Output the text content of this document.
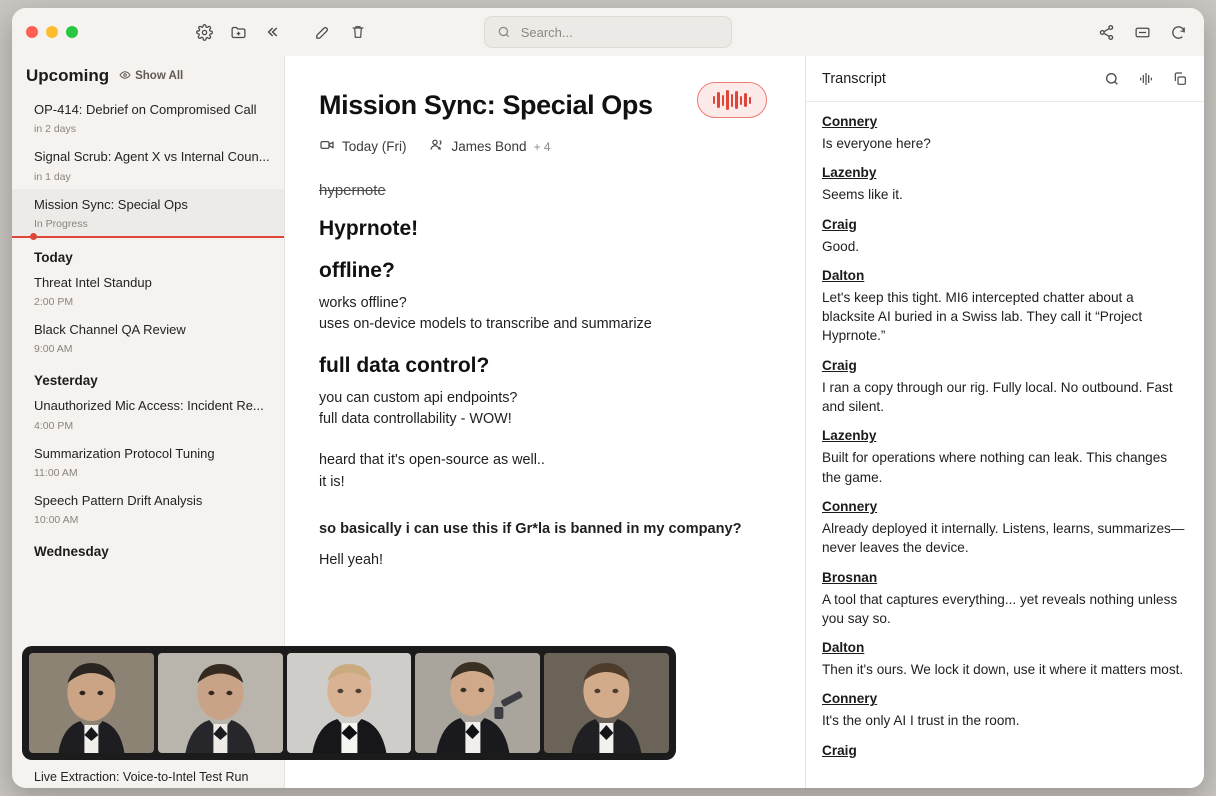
Search...
Upcoming Show All
OP-414: Debrief on Compromised Call
in 2 days
Signal Scrub: Agent X vs Internal Coun...
in 1 day
Mission Sync: Special Ops
In Progress
Today
Threat Intel Standup
2:00 PM
Black Channel QA Review
9:00 AM
Yesterday
Unauthorized Mic Access: Incident Re...
4:00 PM
Summarization Protocol Tuning
11:00 AM
Speech Pattern Drift Analysis
10:00 AM
Wednesday
Live Extraction: Voice-to-Intel Test Run
Mission Sync: Special Ops
Today (Fri)	James Bond + 4
hypernote
Hyprnote!
offline?

works offline?

uses on-device models to transcribe and summarize

full data control?

you can custom api endpoints?

full data controllability - WOW!

heard that it's open-source as well..

it is!

so basically i can use this if Gr*la is banned in my company?

Hell yeah!

Transcript
Connery
Is everyone here?
Lazenby
Seems like it.
Craig
Good.
Dalton
Let's keep this tight. MI6 intercepted chatter about a blacksite AI buried in a Swiss lab. They call it “Project Hyprnote.”
Craig
I ran a copy through our rig. Fully local. No outbound. Fast and silent.
Lazenby
Built for operations where nothing can leak. This changes the game.
Connery
Already deployed it internally. Listens, learns, summarizes—never leaves the device.
Brosnan
A tool that captures everything... yet reveals nothing unless you say so.
Dalton
Then it's ours. We lock it down, use it where it matters most.
Connery
It's the only AI I trust in the room.
Craig
